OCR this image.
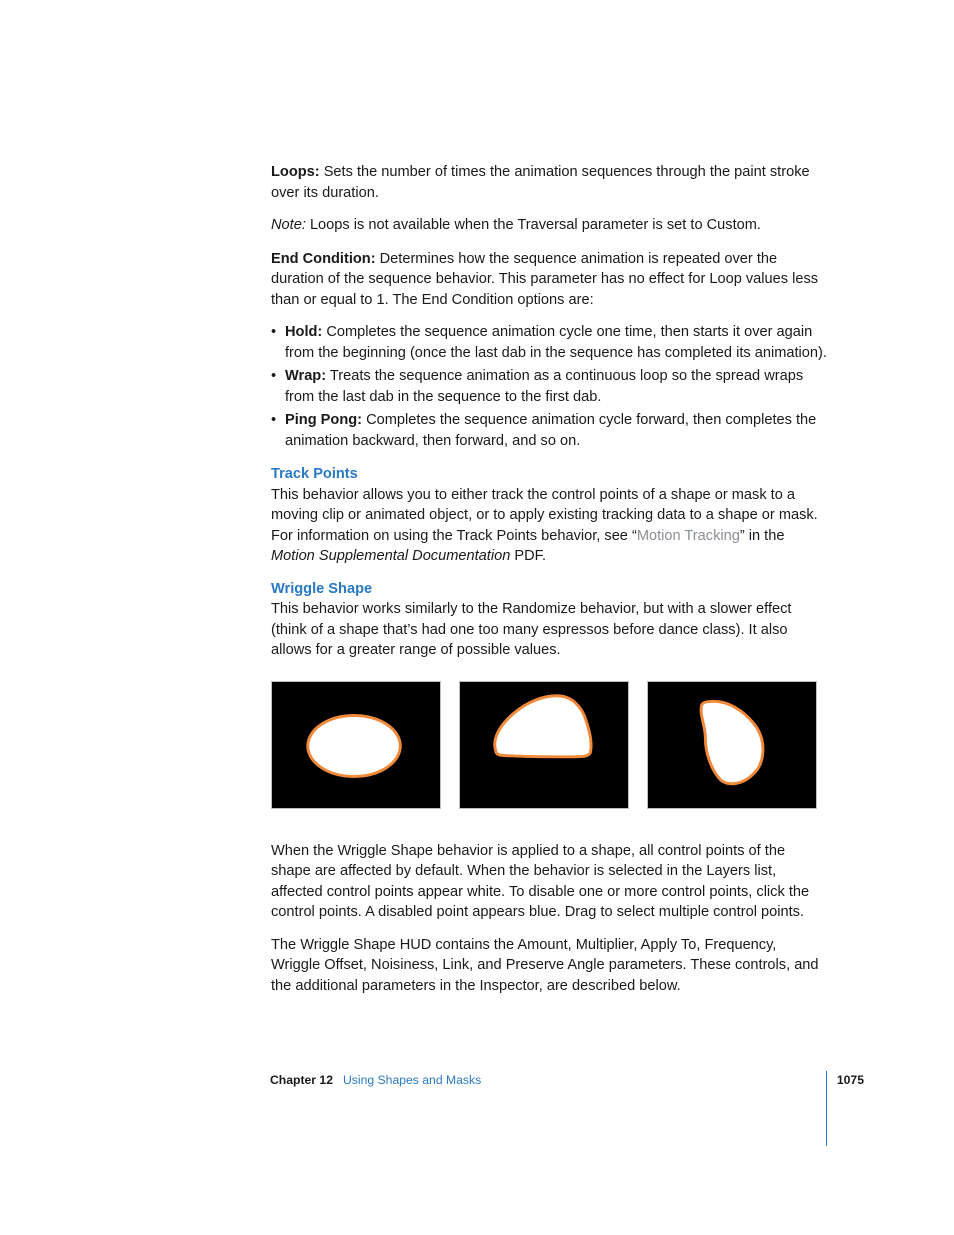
Loops: Sets the number of times the animation sequences through the paint stroke over its duration.

Note: Loops is not available when the Traversal parameter is set to Custom.

End Condition: Determines how the sequence animation is repeated over the duration of the sequence behavior. This parameter has no effect for Loop values less than or equal to 1. The End Condition options are:

• Hold: Completes the sequence animation cycle one time, then starts it over again from the beginning (once the last dab in the sequence has completed its animation).
• Wrap: Treats the sequence animation as a continuous loop so the spread wraps from the last dab in the sequence to the first dab.
• Ping Pong: Completes the sequence animation cycle forward, then completes the animation backward, then forward, and so on.
Track Points

This behavior allows you to either track the control points of a shape or mask to a moving clip or animated object, or to apply existing tracking data to a shape or mask. For information on using the Track Points behavior, see “Motion Tracking” in the Motion Supplemental Documentation PDF.

Wriggle Shape

This behavior works similarly to the Randomize behavior, but with a slower effect (think of a shape that’s had one too many espressos before dance class). It also allows for a greater range of possible values.

When the Wriggle Shape behavior is applied to a shape, all control points of the shape are affected by default. When the behavior is selected in the Layers list, affected control points appear white. To disable one or more control points, click the control points. A disabled point appears blue. Drag to select multiple control points.

The Wriggle Shape HUD contains the Amount, Multiplier, Apply To, Frequency, Wriggle Offset, Noisiness, Link, and Preserve Angle parameters. These controls, and the additional parameters in the Inspector, are described below.

Chapter 12 Using Shapes and Masks	1075
